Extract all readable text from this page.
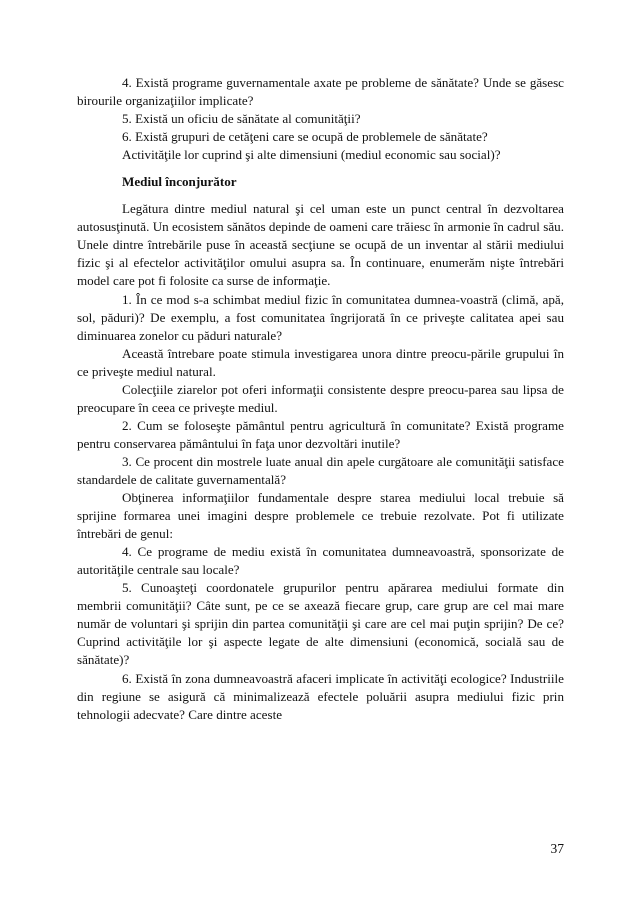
4. Există programe guvernamentale axate pe probleme de sănătate? Unde se găsesc birourile organizaţiilor implicate?

5. Există un oficiu de sănătate al comunităţii?

6. Există grupuri de cetăţeni care se ocupă de problemele de sănătate?

Activităţile lor cuprind şi alte dimensiuni (mediul economic sau social)?

Mediul înconjurător

Legătura dintre mediul natural şi cel uman este un punct central în dezvoltarea autosusţinută. Un ecosistem sănătos depinde de oameni care trăiesc în armonie în cadrul său. Unele dintre întrebările puse în această secţiune se ocupă de un inventar al stării mediului fizic şi al efectelor activităţilor omului asupra sa. În continuare, enumerăm nişte întrebări model care pot fi folosite ca surse de informaţie.

1. În ce mod s-a schimbat mediul fizic în comunitatea dumnea-voastră (climă, apă, sol, păduri)? De exemplu, a fost comunitatea îngrijorată în ce priveşte calitatea apei sau diminuarea zonelor cu păduri naturale?

Această întrebare poate stimula investigarea unora dintre preocu-pările grupului în ce priveşte mediul natural.

Colecţiile ziarelor pot oferi informaţii consistente despre preocu-parea sau lipsa de preocupare în ceea ce priveşte mediul.

2. Cum se foloseşte pământul pentru agricultură în comunitate? Există programe pentru conservarea pământului în faţa unor dezvoltări inutile?

3. Ce procent din mostrele luate anual din apele curgătoare ale comunităţii satisface standardele de calitate guvernamentală?

Obţinerea informaţiilor fundamentale despre starea mediului local trebuie să sprijine formarea unei imagini despre problemele ce trebuie rezolvate. Pot fi utilizate întrebări de genul:

4. Ce programe de mediu există în comunitatea dumneavoastră, sponsorizate de autorităţile centrale sau locale?

5. Cunoaşteţi coordonatele grupurilor pentru apărarea mediului formate din membrii comunităţii? Câte sunt, pe ce se axează fiecare grup, care grup are cel mai mare număr de voluntari şi sprijin din partea comunităţii şi care are cel mai puţin sprijin? De ce? Cuprind activităţile lor şi aspecte legate de alte dimensiuni (economică, socială sau de sănătate)?

6. Există în zona dumneavoastră afaceri implicate în activităţi ecologice? Industriile din regiune se asigură că minimalizează efectele poluării asupra mediului fizic prin tehnologii adecvate? Care dintre aceste

37
